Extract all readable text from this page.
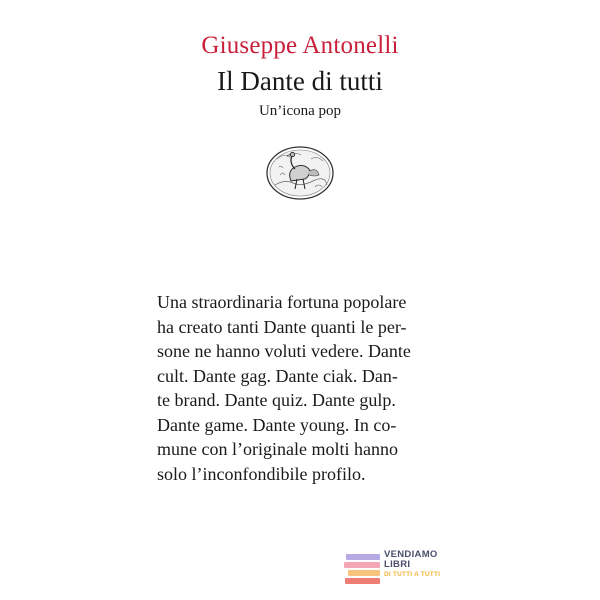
Giuseppe Antonelli
Il Dante di tutti
Un’icona pop

Una straordinaria fortuna popolare
ha creato tanti Dante quanti le per-
sone ne hanno voluti vedere. Dante
cult. Dante gag. Dante ciak. Dan-
te brand. Dante quiz. Dante gulp.
Dante game. Dante young. In co-
mune con l’originale molti hanno
solo l’inconfondibile profilo.

VENDIAMO
LIBRI
DI TUTTI A TUTTI
